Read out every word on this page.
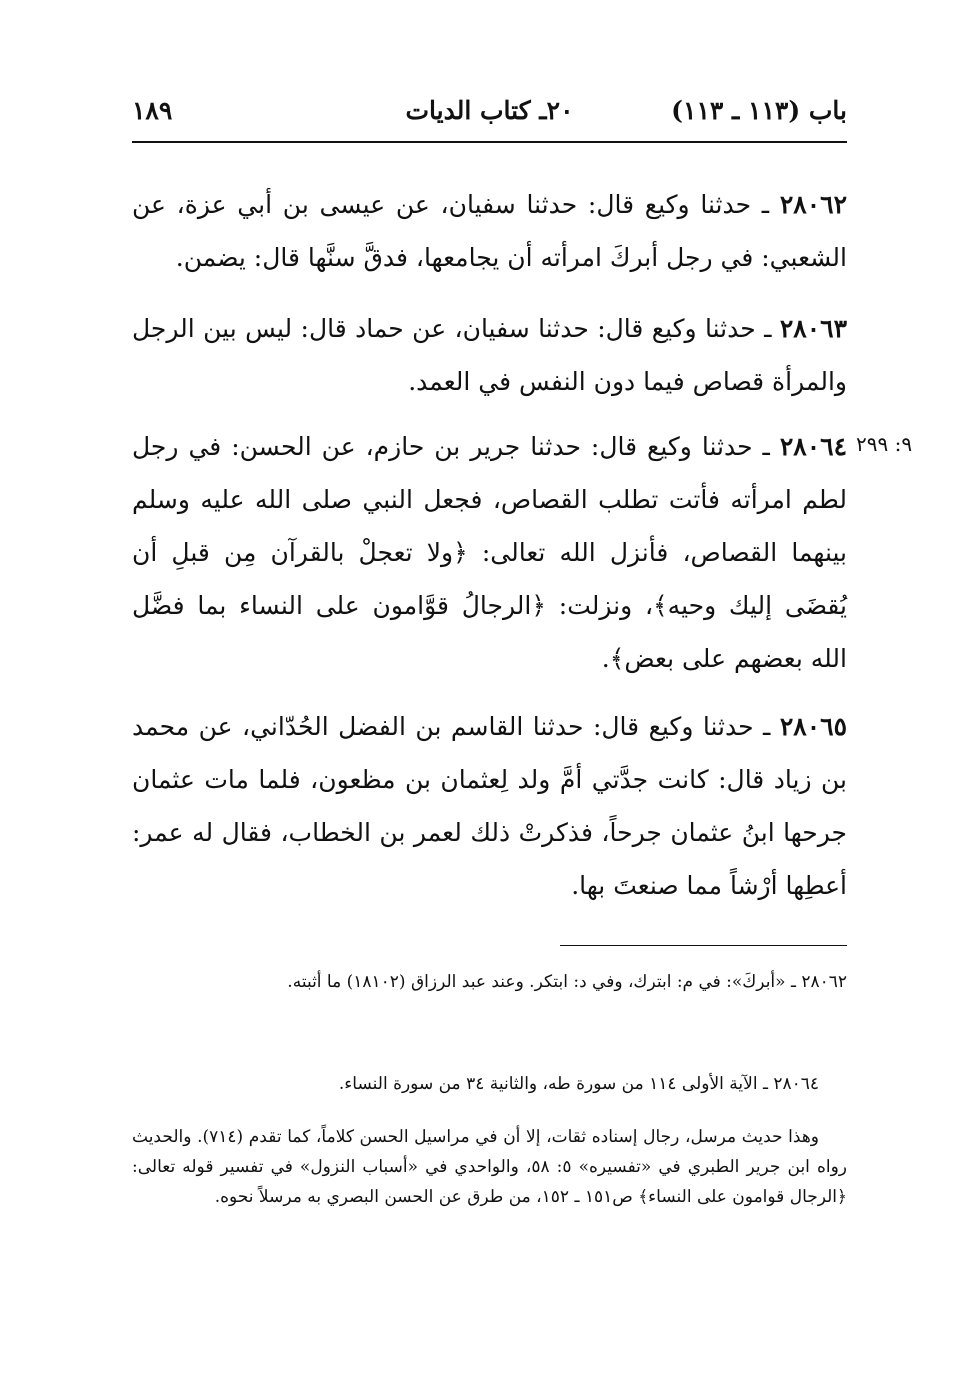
باب (١١٣ ـ ١١٣)
٢٠ـ كتاب الديات
١٨٩

٢٨٠٦٢ ـ حدثنا وكيع قال: حدثنا سفيان، عن عيسى بن أبي عزة، عن الشعبي: في رجل أبركَ امرأته أن يجامعها، فدقَّ سنَّها قال: يضمن.

٢٨٠٦٣ ـ حدثنا وكيع قال: حدثنا سفيان، عن حماد قال: ليس بين الرجل والمرأة قصاص فيما دون النفس في العمد.

٩: ٢٩٩

٢٨٠٦٤ ـ حدثنا وكيع قال: حدثنا جرير بن حازم، عن الحسن: في رجل لطم امرأته فأتت تطلب القصاص، فجعل النبي صلى الله عليه وسلم بينهما القصاص، فأنزل الله تعالى: ﴿ولا تعجلْ بالقرآن مِن قبلِ أن يُقضَى إليك وحيه﴾، ونزلت: ﴿الرجالُ قوَّامون على النساء بما فضَّل الله بعضهم على بعض﴾.

٢٨٠٦٥ ـ حدثنا وكيع قال: حدثنا القاسم بن الفضل الحُدّاني، عن محمد بن زياد قال: كانت جدَّتي أمَّ ولد لِعثمان بن مظعون، فلما مات عثمان جرحها ابنُ عثمان جرحاً، فذكرتْ ذلك لعمر بن الخطاب، فقال له عمر: أعطِها أرْشاً مما صنعتَ بها.

٢٨٠٦٢ ـ «أبركَ»: في م: ابترك، وفي د: ابتكر. وعند عبد الرزاق (١٨١٠٢) ما أثبته.

٢٨٠٦٤ ـ الآية الأولى ١١٤ من سورة طه، والثانية ٣٤ من سورة النساء.

وهذا حديث مرسل، رجال إسناده ثقات، إلا أن في مراسيل الحسن كلاماً، كما تقدم (٧١٤). والحديث رواه ابن جرير الطبري في «تفسيره» ٥: ٥٨، والواحدي في «أسباب النزول» في تفسير قوله تعالى: ﴿الرجال قوامون على النساء﴾ ص١٥١ ـ ١٥٢، من طرق عن الحسن البصري به مرسلاً نحوه.
